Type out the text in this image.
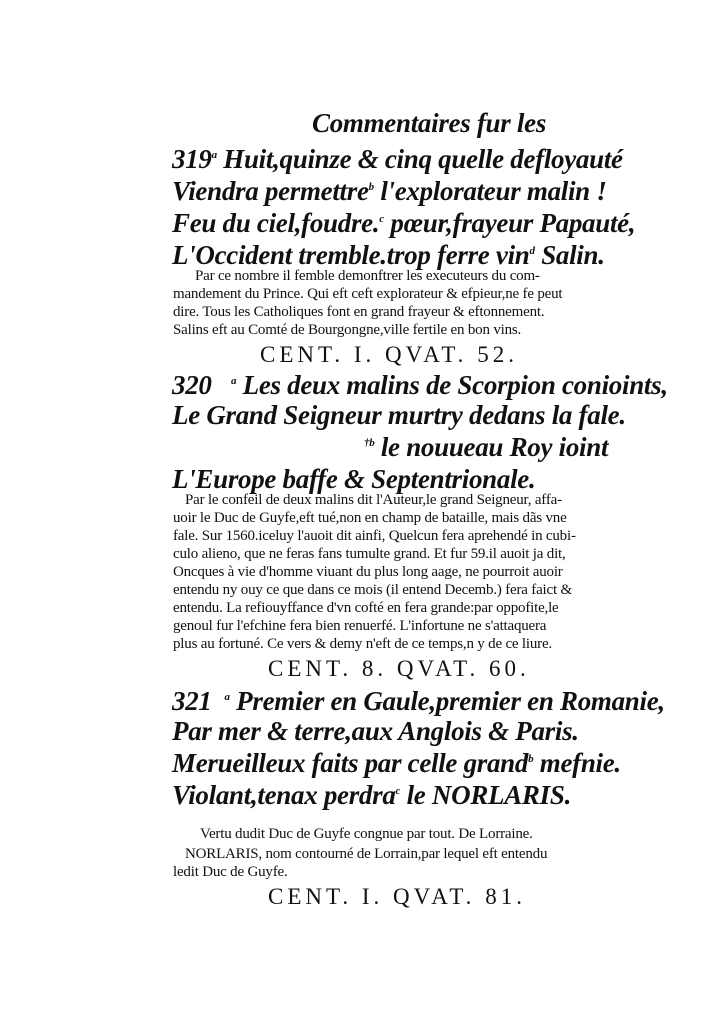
Commentaires fur les
319$^a$ Huit,quinze & cinq quelle defloyauté
Viendra permettre$^b$ l'explorateur malin !
Feu du ciel,foudre.$^c$ pœur,frayeur Papauté,
L'Occident tremble.trop ferre vin$^d$ Salin.
Par ce nombre il femble demonftrer les executeurs du com-
mandement du Prince. Qui eft ceft explorateur & efpieur,ne fe peut
dire. Tous les Catholiques font en grand frayeur & eftonnement.
Salins eft au Comté de Bourgongne,ville fertile en bon vins.
CENT. I. QVAT. 52.
320 $^a$ Les deux malins de Scorpion conioints,
Le Grand Seigneur murtry dedans la fale.
$^{\dagger b}$ le nouueau Roy ioint
L'Europe baffe & Septentrionale.
Par le confeil de deux malins dit l'Auteur,le grand Seigneur, affa-
uoir le Duc de Guyfe,eft tué,non en champ de bataille, mais dãs vne
fale. Sur 1560.iceluy l'auoit dit ainfi, Quelcun fera aprehendé in cubi-
culo alieno, que ne feras fans tumulte grand. Et fur 59.il auoit ja dit,
Oncques à vie d'homme viuant du plus long aage, ne pourroit auoir
entendu ny ouy ce que dans ce mois (il entend Decemb.) fera faict &
entendu. La refiouyffance d'vn cofté en fera grande:par oppofite,le
genoul fur l'efchine fera bien renuerfé. L'infortune ne s'attaquera
plus au fortuné. Ce vers & demy n'eft de ce temps,n y de ce liure.
CENT. 8. QVAT. 60.
321 $^a$ Premier en Gaule,premier en Romanie,
Par mer & terre,aux Anglois & Paris.
Merueilleux faits par celle grand$^b$ mefnie.
Violant,tenax perdra$^c$ le NORLARIS.
Vertu dudit Duc de Guyfe congnue par tout. De Lorraine.
NORLARIS, nom contourné de Lorrain,par lequel eft entendu
ledit Duc de Guyfe.
CENT. I. QVAT. 81.
